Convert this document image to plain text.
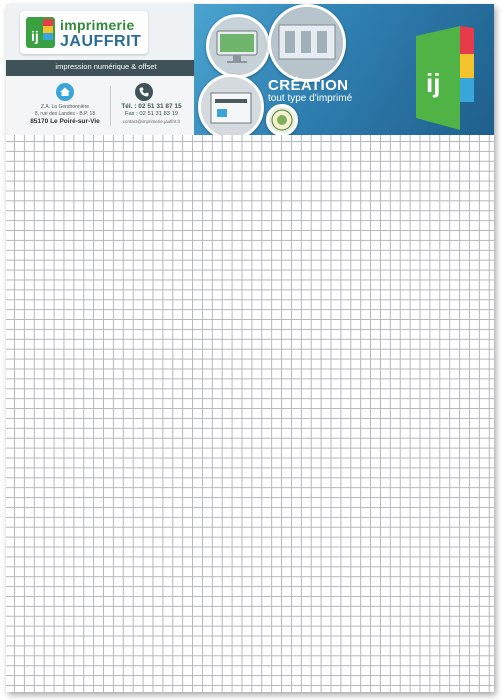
ij
imprimerie
JAUFFRIT
impression numérique & offset
Z.A. La Gendronnière
8, rue des Landes - B.P. 18
85170 Le Poiré-sur-Vie
Tél. : 02 51 31 87 15
Fax : 02 51 31 83 19
contact@imprimerie.jauffrit.fr
CRÉATION
tout type d'imprimé
ij
